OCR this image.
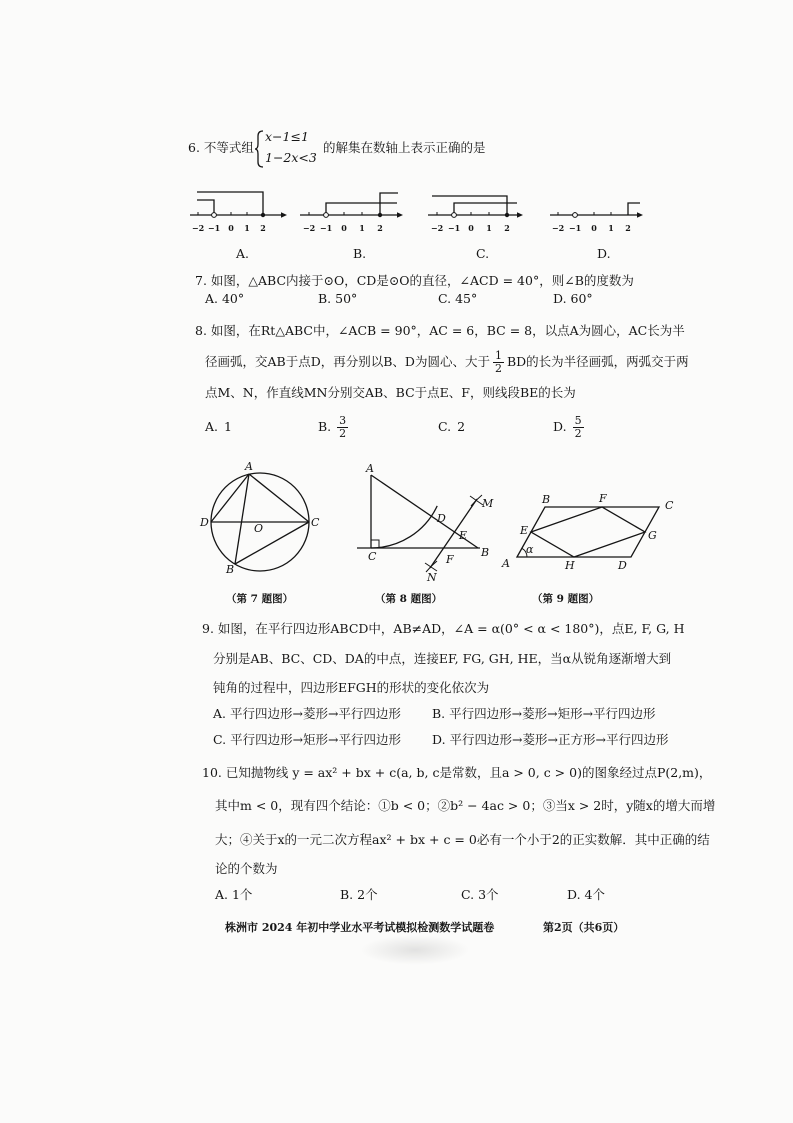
6. 不等式组
x−1≤1
1−2x<3
的解集在数轴上表示正确的是
−2 −1 0 1 2	−2 −1 0 1 2	−2 −1 0 1 2	−2 −1 0 1 2
A.	B.	C.	D.
7. 如图，△ABC内接于⊙O，CD是⊙O的直径，∠ACD = 40°，则∠B的度数为
A. 40°	B. 50°	C. 45°	D. 60°
8. 如图，在Rt△ABC中，∠ACB = 90°，AC = 6，BC = 8，以点A为圆心，AC长为半
径画弧，交AB于点D，再分别以B、D为圆心、大于 $\frac{1}{2}$ BD的长为半径画弧，两弧交于两
点M、N，作直线MN分别交AB、BC于点E、F，则线段BE的长为
A. 1	B. $\frac{3}{2}$	C. 2	D. $\frac{5}{2}$
A
D	O	C
B
A
D
M
E
B
C	F
N
B	F
C
E	G
α
A	H	D
（第 7 题图）	（第 8 题图）	（第 9 题图）
9. 如图，在平行四边形ABCD中，AB≠AD，∠A = α(0° < α < 180°)，点E, F, G, H
分别是AB、BC、CD、DA的中点，连接EF, FG, GH, HE，当α从锐角逐渐增大到
钝角的过程中，四边形EFGH的形状的变化依次为
A. 平行四边形→菱形→平行四边形 B. 平行四边形→菱形→矩形→平行四边形
C. 平行四边形→矩形→平行四边形 D. 平行四边形→菱形→正方形→平行四边形
10. 已知抛物线 y = ax² + bx + c(a, b, c是常数，且a > 0, c > 0)的图象经过点P(2,m)，
其中m < 0，现有四个结论：①b < 0；②b² − 4ac > 0；③当x > 2时，y随x的增大而增
大；④关于x的一元二次方程ax² + bx + c = 0必有一个小于2的正实数解．其中正确的结
论的个数为
A. 1个	B. 2个	C. 3个	D. 4个
株洲市 2024 年初中学业水平考试模拟检测数学试题卷	第2页（共6页）
